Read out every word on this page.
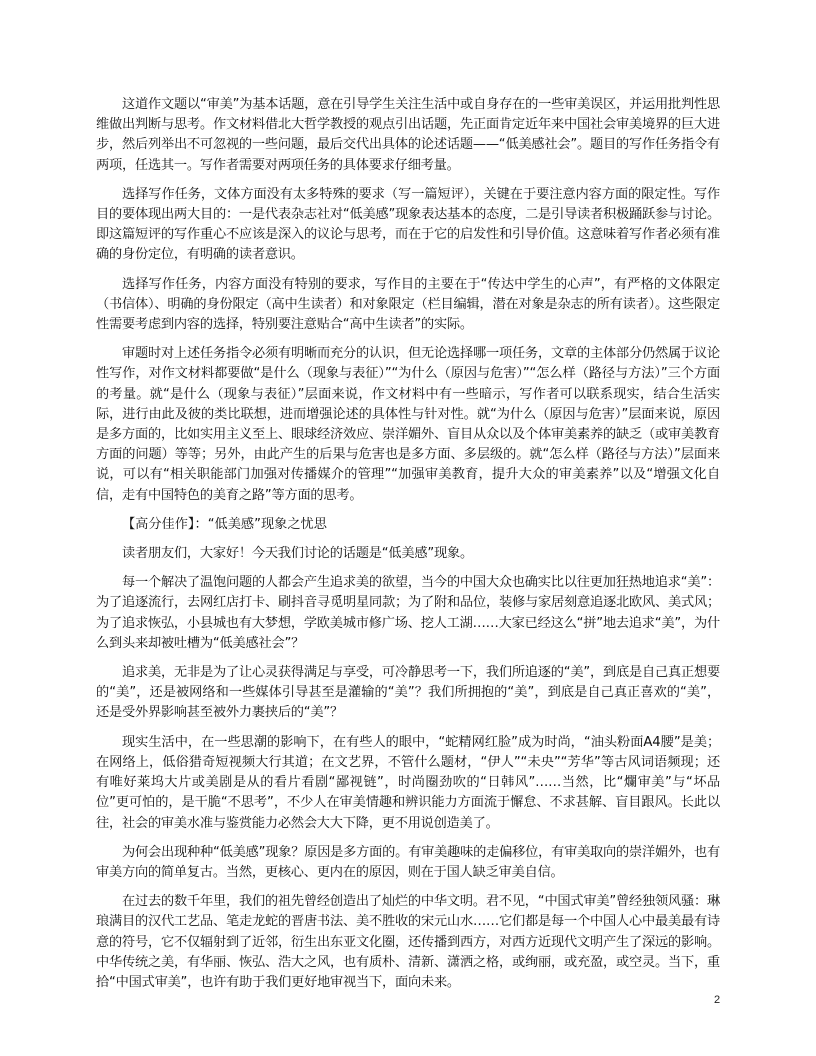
这道作文题以“审美”为基本话题，意在引导学生关注生活中或自身存在的一些审美误区，并运用批判性思维做出判断与思考。作文材料借北大哲学教授的观点引出话题，先正面肯定近年来中国社会审美境界的巨大进步，然后列举出不可忽视的一些问题，最后交代出具体的论述话题——“低美感社会”。题目的写作任务指令有两项，任选其一。写作者需要对两项任务的具体要求仔细考量。

选择写作任务，文体方面没有太多特殊的要求（写一篇短评），关键在于要注意内容方面的限定性。写作目的要体现出两大目的：一是代表杂志社对“低美感”现象表达基本的态度，二是引导读者积极踊跃参与讨论。即这篇短评的写作重心不应该是深入的议论与思考，而在于它的启发性和引导价值。这意味着写作者必须有准确的身份定位，有明确的读者意识。

选择写作任务，内容方面没有特别的要求，写作目的主要在于“传达中学生的心声”，有严格的文体限定（书信体）、明确的身份限定（高中生读者）和对象限定（栏目编辑，潜在对象是杂志的所有读者）。这些限定性需要考虑到内容的选择，特别要注意贴合“高中生读者”的实际。

审题时对上述任务指令必须有明晰而充分的认识，但无论选择哪一项任务，文章的主体部分仍然属于议论性写作，对作文材料都要做“是什么（现象与表征）”“为什么（原因与危害）”“怎么样（路径与方法）”三个方面的考量。就“是什么（现象与表征）”层面来说，作文材料中有一些暗示，写作者可以联系现实，结合生活实际，进行由此及彼的类比联想，进而增强论述的具体性与针对性。就“为什么（原因与危害）”层面来说，原因是多方面的，比如实用主义至上、眼球经济效应、崇洋媚外、盲目从众以及个体审美素养的缺乏（或审美教育方面的问题）等等；另外，由此产生的后果与危害也是多方面、多层级的。就“怎么样（路径与方法）”层面来说，可以有“相关职能部门加强对传播媒介的管理”“加强审美教育，提升大众的审美素养”以及“增强文化自信，走有中国特色的美育之路”等方面的思考。

【高分佳作】：“低美感”现象之忧思

读者朋友们，大家好！今天我们讨论的话题是“低美感”现象。

每一个解决了温饱问题的人都会产生追求美的欲望，当今的中国大众也确实比以往更加狂热地追求“美”：为了追逐流行，去网红店打卡、刷抖音寻觅明星同款；为了附和品位，装修与家居刻意追逐北欧风、美式风；为了追求恢弘，小县城也有大梦想，学欧美城市修广场、挖人工湖……大家已经这么“拼”地去追求“美”，为什么到头来却被吐槽为“低美感社会”？

追求美，无非是为了让心灵获得满足与享受，可冷静思考一下，我们所追逐的“美”，到底是自己真正想要的“美”，还是被网络和一些媒体引导甚至是灌输的“美”？我们所拥抱的“美”，到底是自己真正喜欢的“美”，还是受外界影响甚至被外力裹挟后的“美”？

现实生活中，在一些思潮的影响下，在有些人的眼中，“蛇精网红脸”成为时尚，“油头粉面A4腰”是美；在网络上，低俗猎奇短视频大行其道；在文艺界，不管什么题材，“伊人”“未央”“芳华”等古风词语频现；还有唯好莱坞大片或美剧是从的看片看剧“鄙视链”，时尚圈劲吹的“日韩风”……当然，比“爛审美”与“坏品位”更可怕的，是干脆“不思考”，不少人在审美情趣和辨识能力方面流于懈怠、不求甚解、盲目跟风。长此以往，社会的审美水准与鉴赏能力必然会大大下降，更不用说创造美了。

为何会出现种种“低美感”现象？原因是多方面的。有审美趣味的走偏移位，有审美取向的崇洋媚外，也有审美方向的简单复古。当然，更核心、更内在的原因，则在于国人缺乏审美自信。

在过去的数千年里，我们的祖先曾经创造出了灿烂的中华文明。君不见，“中国式审美”曾经独领风骚：琳琅满目的汉代工艺品、笔走龙蛇的晋唐书法、美不胜收的宋元山水……它们都是每一个中国人心中最美最有诗意的符号，它不仅辐射到了近邻，衍生出东亚文化圈，还传播到西方，对西方近现代文明产生了深远的影响。中华传统之美，有华丽、恢弘、浩大之风，也有质朴、清新、潇洒之格，或绚丽，或充盈，或空灵。当下，重拾“中国式审美”，也许有助于我们更好地审视当下，面向未来。

2
